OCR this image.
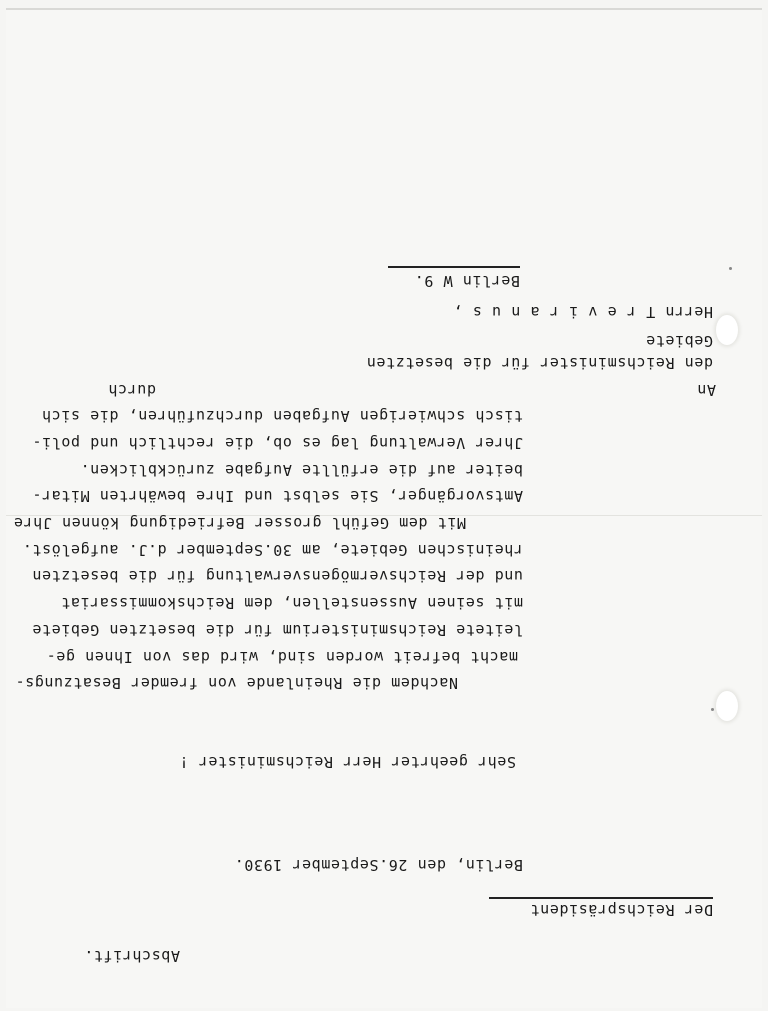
Abschrift.
Der Reichspräsident
Berlin, den 26.September 1930.
Sehr geehrter Herr Reichsminister !
Nachdem die Rheinlande von fremder Besatzungs-
macht befreit worden sind, wird das von Ihnen ge-
leitete Reichsministerium für die besetzten Gebiete
mit seinen Aussenstellen, dem Reichskommissariat
und der Reichsvermögensverwaltung für die besetzten
rheinischen Gebiete, am 30.September d.J. aufgelöst.
Mit dem Gefühl grosser Befriedigung können Jhre
Amtsvorgänger, Sie selbst und Ihre bewährten Mitar-
beiter auf die erfüllte Aufgabe zurückblicken.
Jhrer Verwaltung lag es ob, die rechtlich und poli-
tisch schwierigen Aufgaben durchzuführen, die sich
durch	An
den Reichsminister für die besetzten
Gebiete
Herrn T r e v i r a n u s ,
Berlin W 9.
